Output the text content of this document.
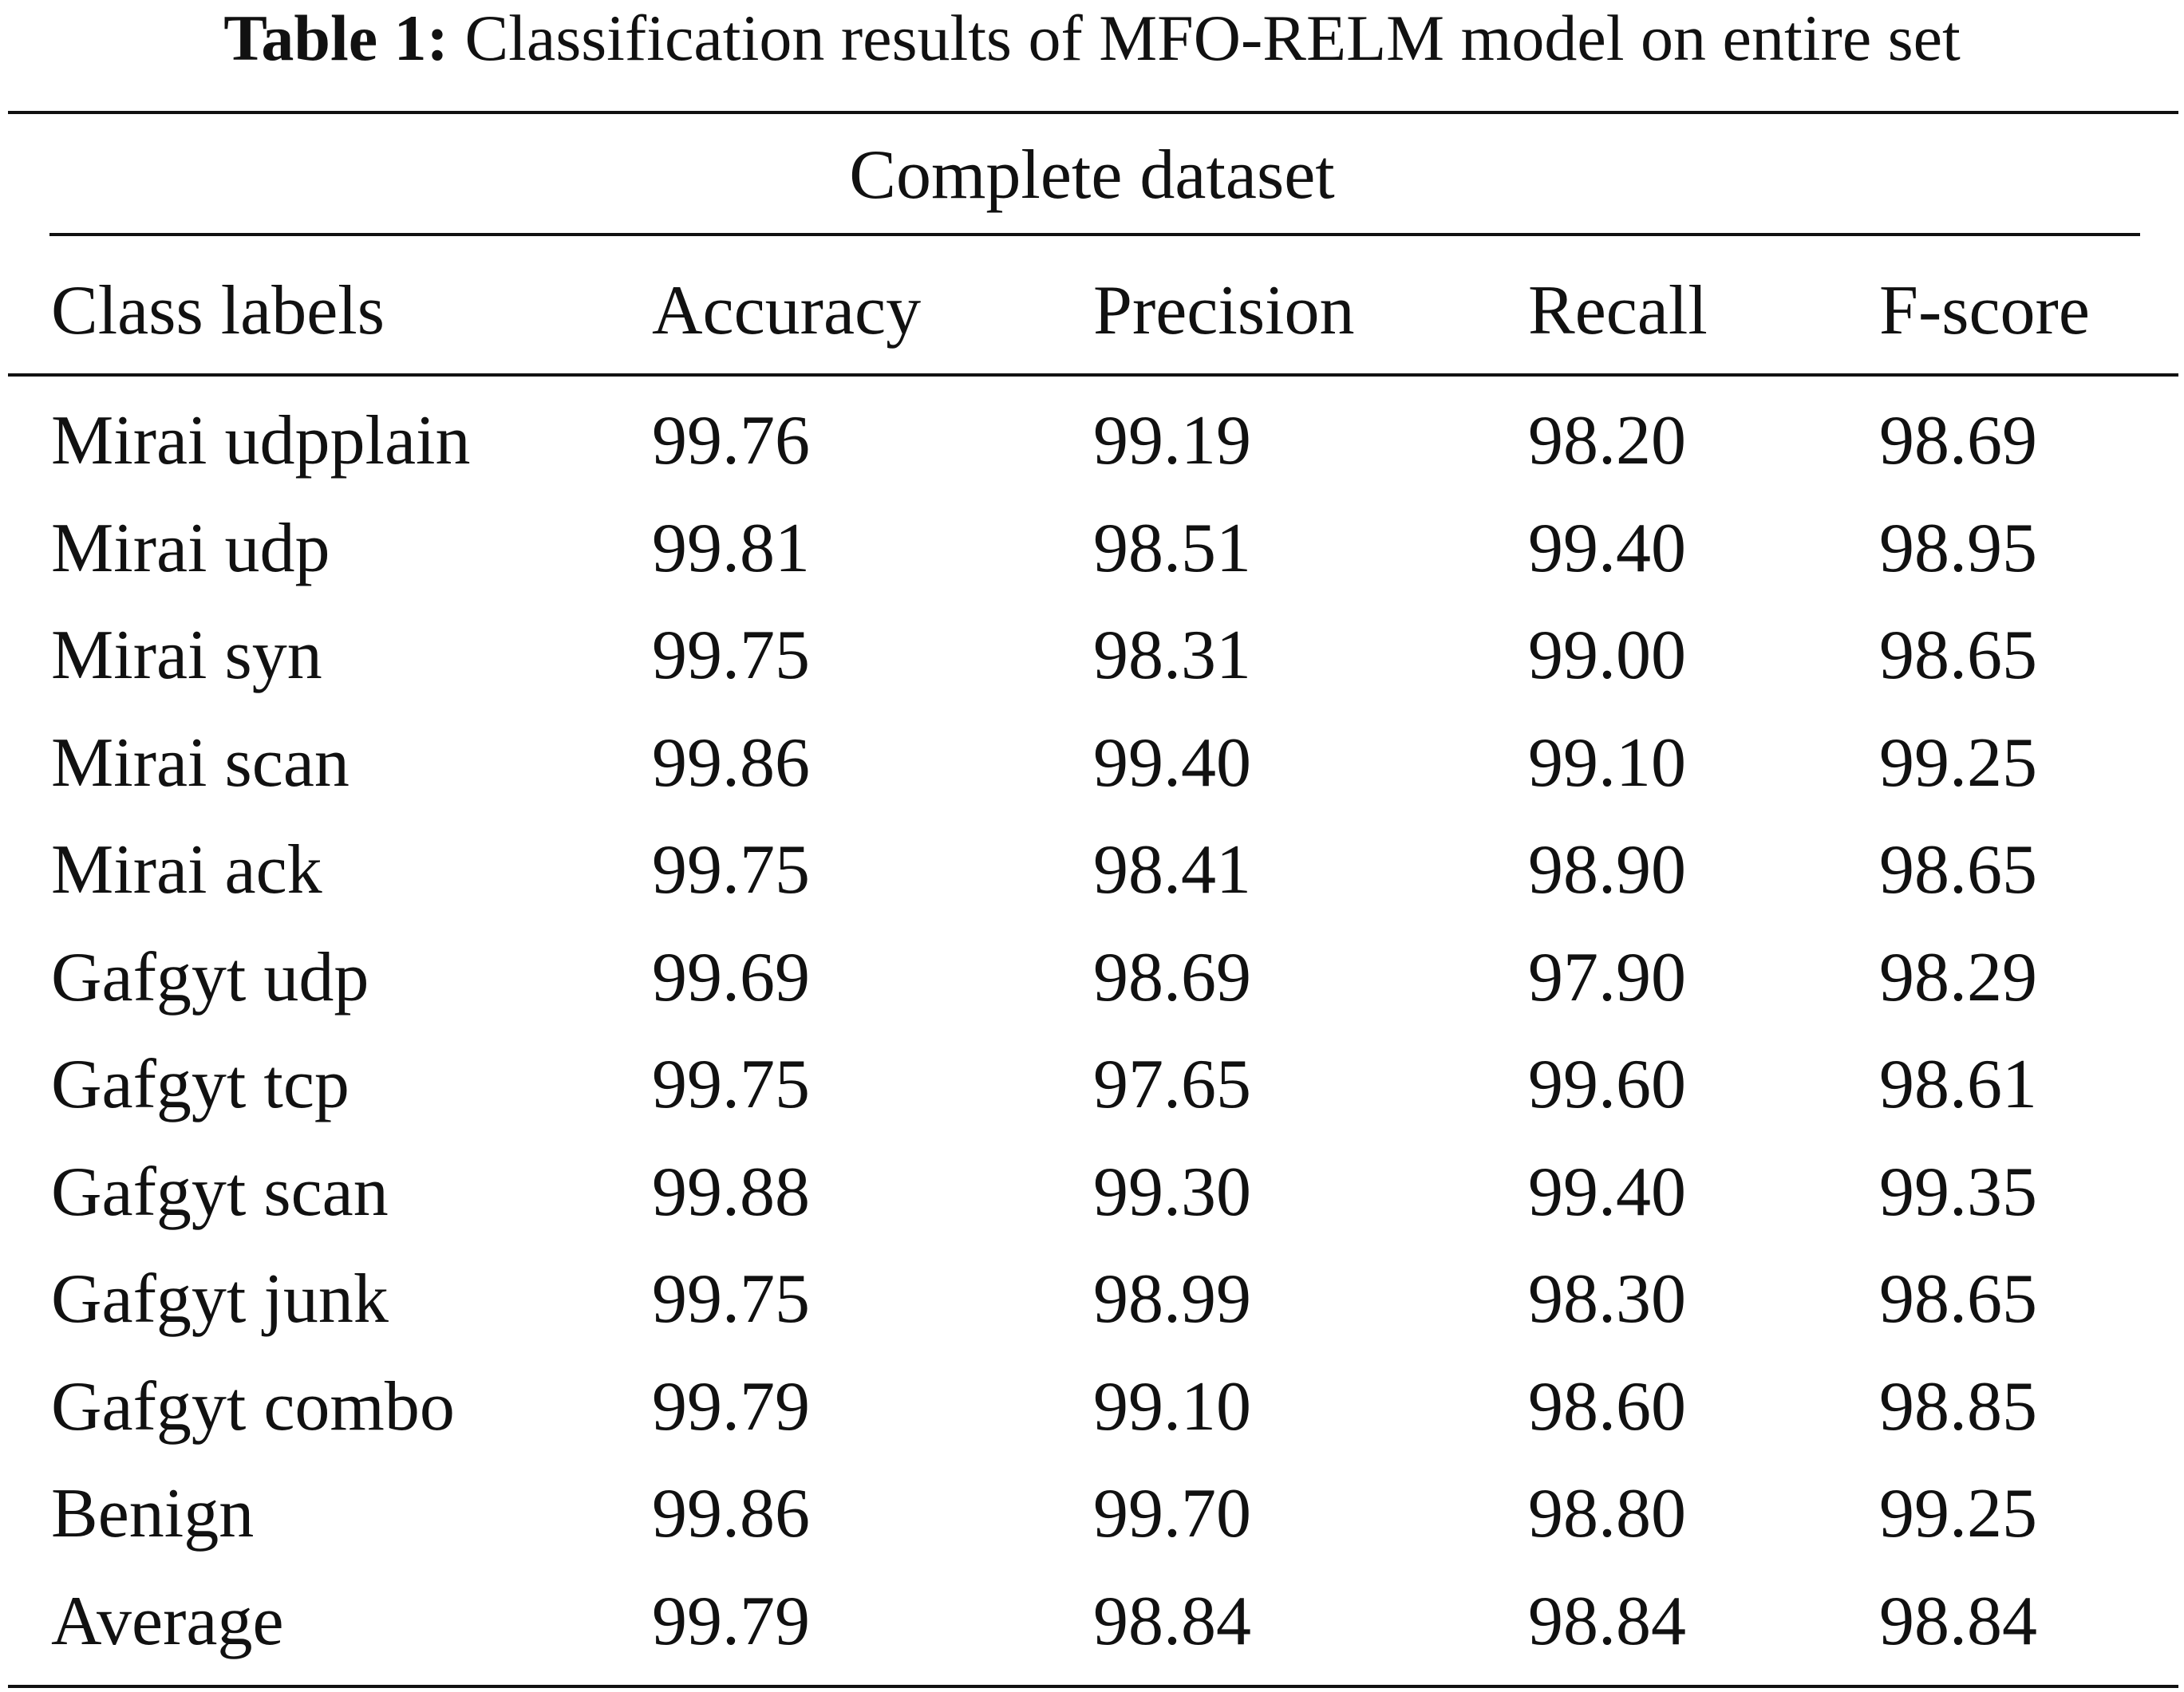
Table 1: Classification results of MFO-RELM model on entire set
Complete dataset
Class labels	Accuracy Precision Recall F-score
Mirai udpplain	99.76	99.19	98.20	98.69
Mirai udp	99.81	98.51	99.40	98.95
Mirai syn	99.75	98.31	99.00	98.65
Mirai scan	99.86	99.40	99.10	99.25
Mirai ack	99.75	98.41	98.90	98.65
Gafgyt udp	99.69	98.69	97.90	98.29
Gafgyt tcp	99.75	97.65	99.60	98.61
Gafgyt scan	99.88	99.30	99.40	99.35
Gafgyt junk	99.75	98.99	98.30	98.65
Gafgyt combo	99.79	99.10	98.60	98.85
Benign	99.86	99.70	98.80	99.25
Average	99.79	98.84	98.84	98.84
